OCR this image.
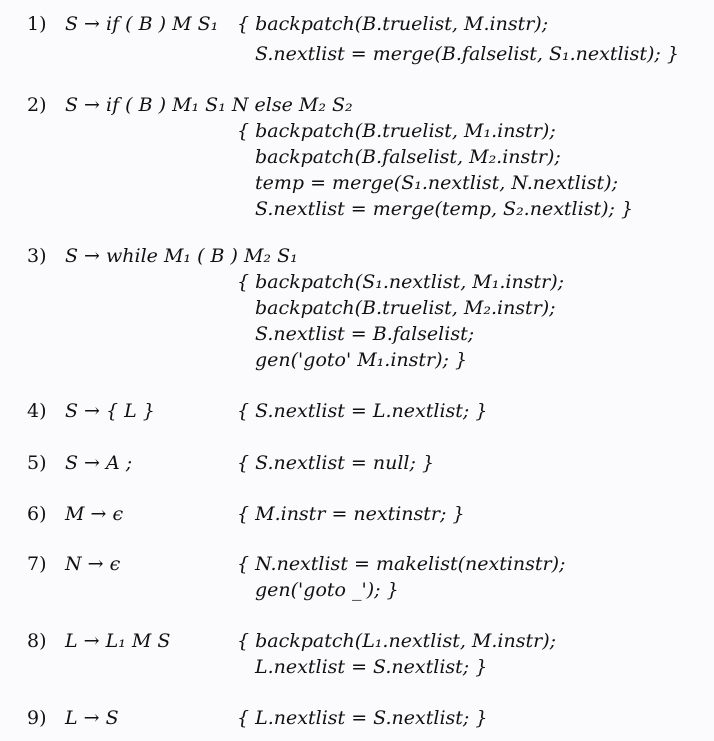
1) S → if ( B ) M S₁ { backpatch(B.truelist, M.instr);
S.nextlist = merge(B.falselist, S₁.nextlist); }
2) S → if ( B ) M₁ S₁ N else M₂ S₂
{ backpatch(B.truelist, M₁.instr);
backpatch(B.falselist, M₂.instr);
temp = merge(S₁.nextlist, N.nextlist);
S.nextlist = merge(temp, S₂.nextlist); }
3) S → while M₁ ( B ) M₂ S₁
{ backpatch(S₁.nextlist, M₁.instr);
backpatch(B.truelist, M₂.instr);
S.nextlist = B.falselist;
gen('goto' M₁.instr); }
4) S → { L }	{ S.nextlist = L.nextlist; }
5) S → A ;	{ S.nextlist = null; }
6) M → ϵ	{ M.instr = nextinstr; }
7) N → ϵ	{ N.nextlist = makelist(nextinstr);
gen('goto _'); }
8) L → L₁ M S	{ backpatch(L₁.nextlist, M.instr);
L.nextlist = S.nextlist; }
9) L → S	{ L.nextlist = S.nextlist; }
